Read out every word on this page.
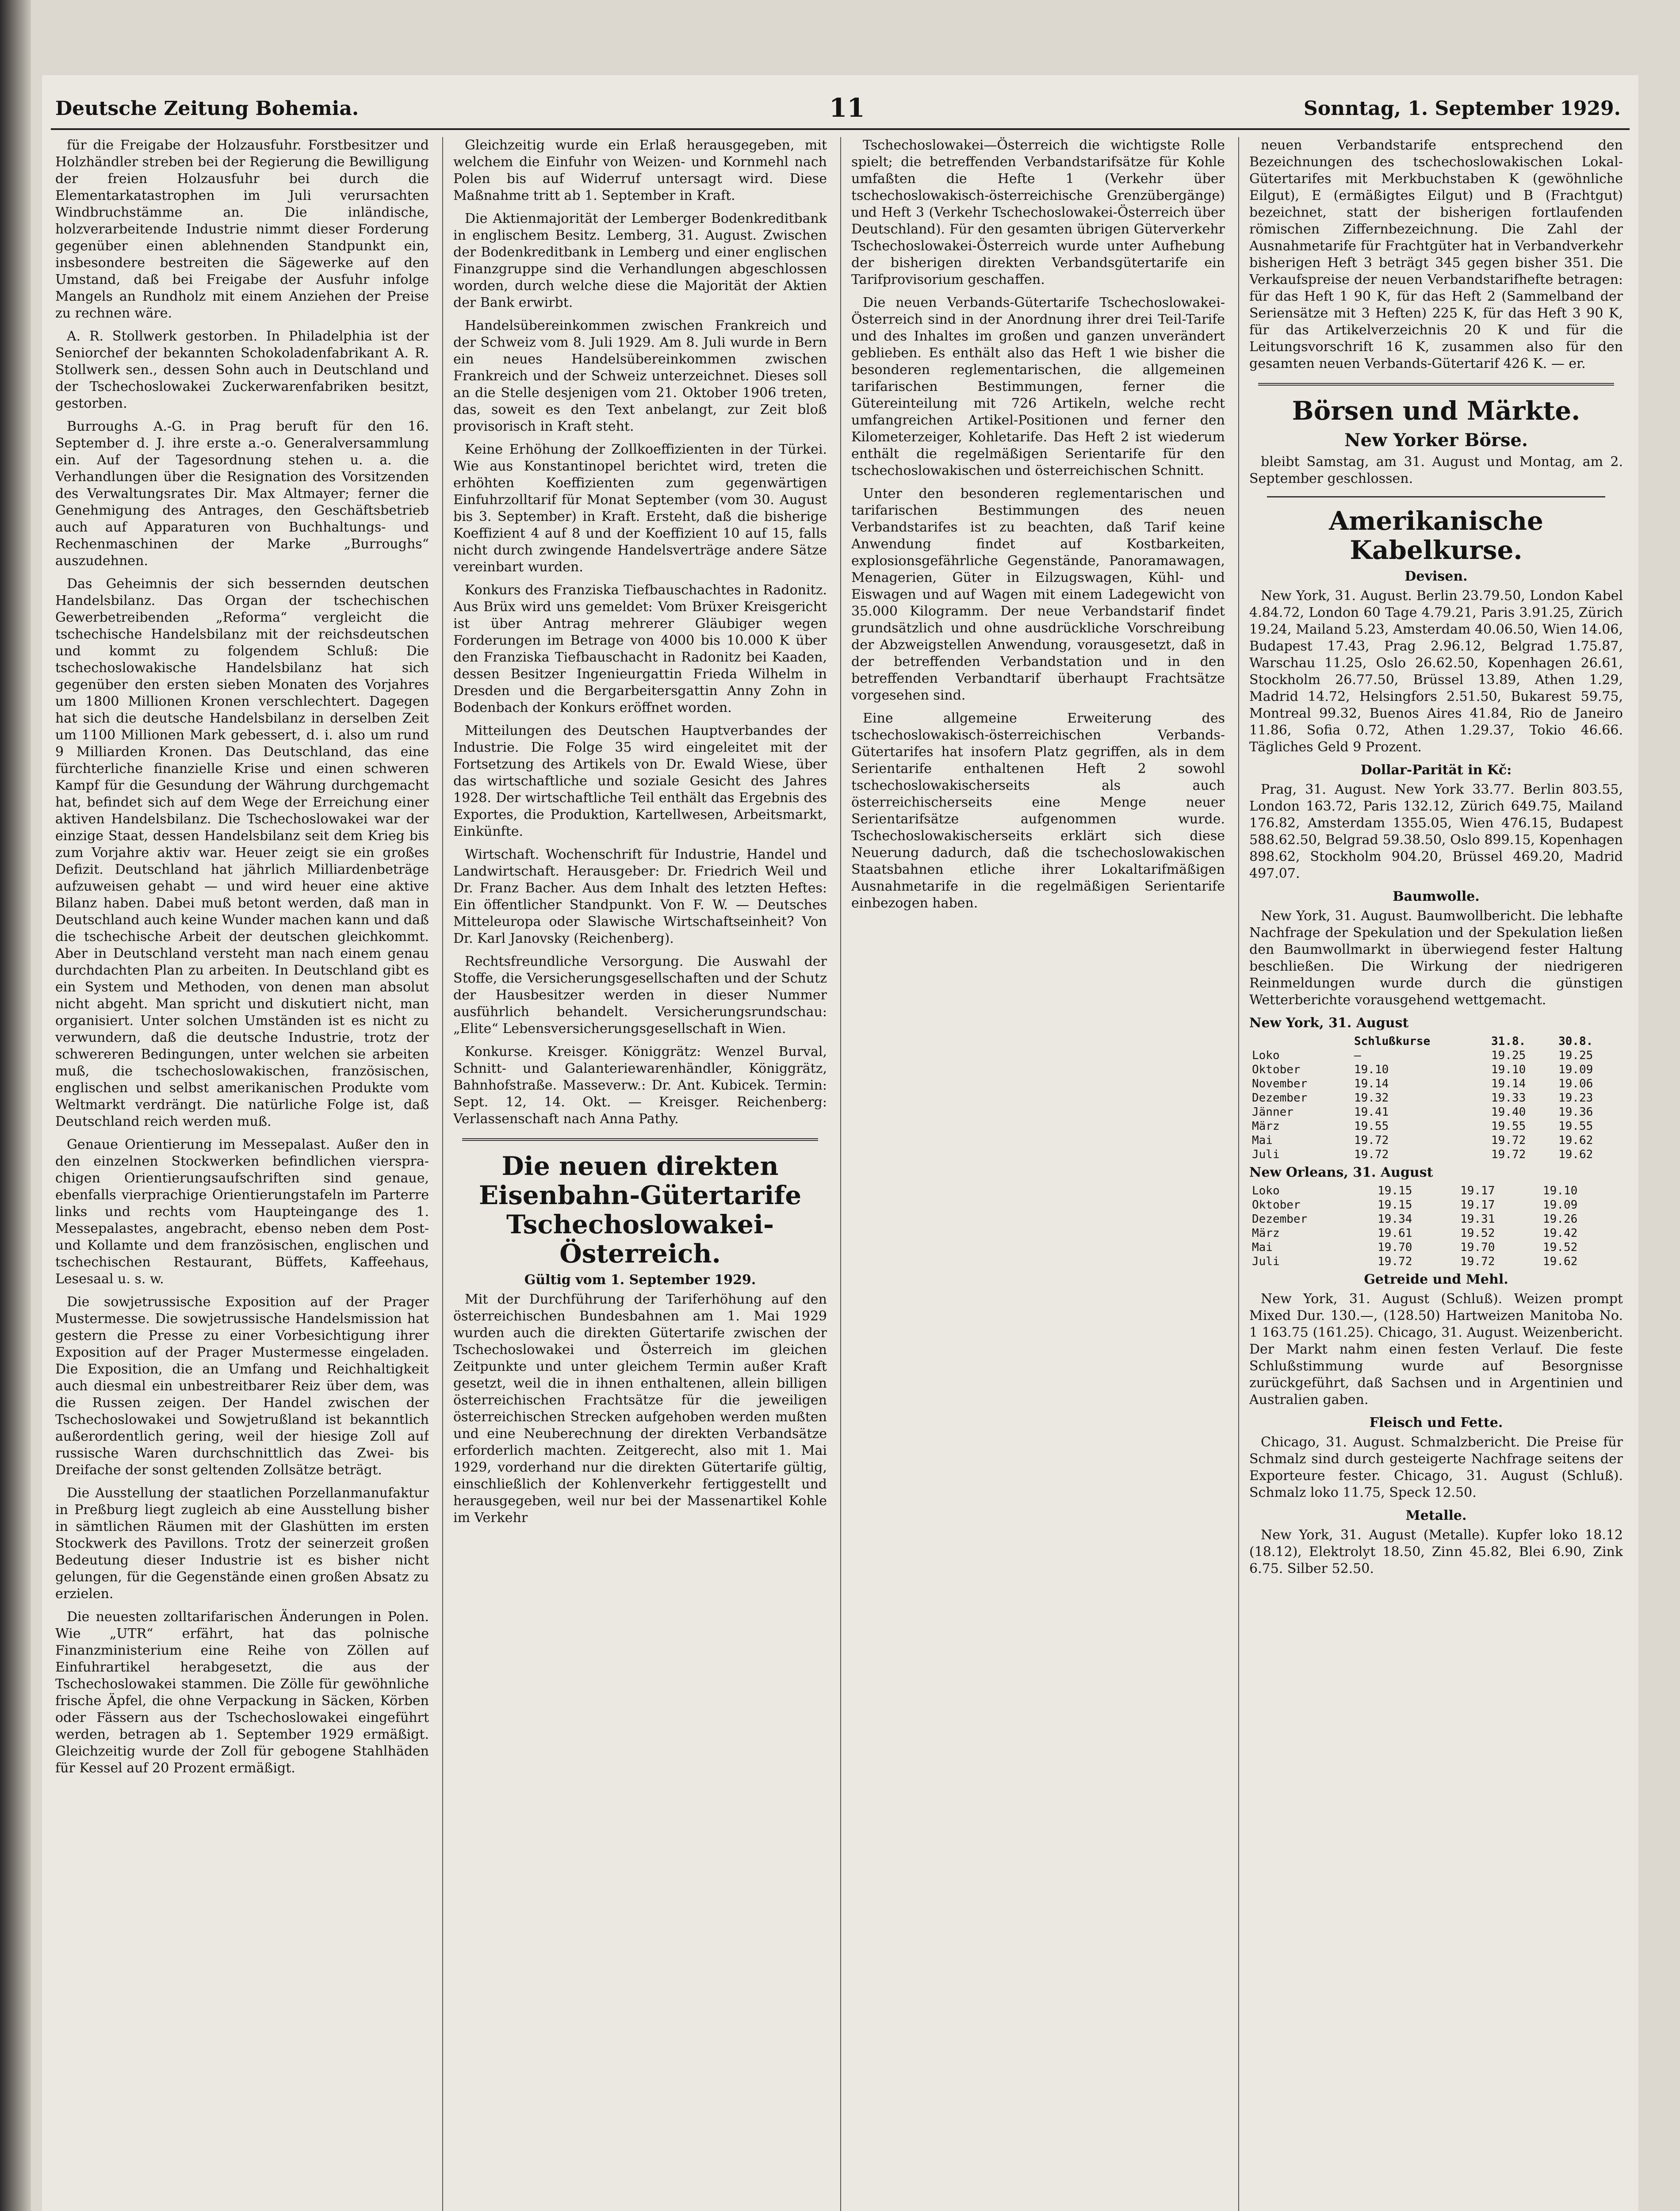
Deutsche Zeitung Bohemia.	11	Sonntag, 1. September 1929.

für die Freigabe der Holzausfuhr. Forstbesitzer und Holzhändler streben bei der Regierung die Bewilligung der freien Holzausfuhr bei durch die Elementarkatastrophen im Juli verursachten Windbruchstämme an. Die inländische, holzverarbeitende Industrie nimmt dieser Forderung gegenüber einen ablehnenden Standpunkt ein, insbesondere bestreiten die Sägewerke auf den Umstand, daß bei Freigabe der Ausfuhr infolge Mangels an Rundholz mit einem Anziehen der Preise zu rechnen wäre.

A. R. Stollwerk gestorben. In Philadelphia ist der Seniorchef der bekannten Schokoladenfabrikant A. R. Stollwerk sen., dessen Sohn auch in Deutschland und der Tschechoslowakei Zuckerwarenfabriken besitzt, gestorben.

Burroughs A.-G. in Prag beruft für den 16. September d. J. ihre erste a.-o. Generalversammlung ein. Auf der Tagesordnung stehen u. a. die Verhandlungen über die Resignation des Vorsitzenden des Verwaltungsrates Dir. Max Altmayer; ferner die Genehmigung des Antrages, den Geschäftsbetrieb auch auf Apparaturen von Buchhaltungs- und Rechenmaschinen der Marke „Burroughs“ auszudehnen.

Das Geheimnis der sich bessernden deutschen Handelsbilanz. Das Organ der tschechischen Gewerbetreibenden „Reforma“ vergleicht die tschechische Handelsbilanz mit der reichsdeutschen und kommt zu folgendem Schluß: Die tschechoslowakische Handelsbilanz hat sich gegenüber den ersten sieben Monaten des Vorjahres um 1800 Millionen Kronen verschlechtert. Dagegen hat sich die deutsche Handelsbilanz in derselben Zeit um 1100 Millionen Mark gebessert, d. i. also um rund 9 Milliarden Kronen. Das Deutschland, das eine fürchterliche finanzielle Krise und einen schweren Kampf für die Gesundung der Währung durchgemacht hat, befindet sich auf dem Wege der Erreichung einer aktiven Handelsbilanz. Die Tschechoslowakei war der einzige Staat, dessen Handelsbilanz seit dem Krieg bis zum Vorjahre aktiv war. Heuer zeigt sie ein großes Defizit. Deutschland hat jährlich Milliardenbeträge aufzuweisen gehabt — und wird heuer eine aktive Bilanz haben. Dabei muß betont werden, daß man in Deutschland auch keine Wunder machen kann und daß die tschechische Arbeit der deutschen gleichkommt. Aber in Deutschland versteht man nach einem genau durchdachten Plan zu arbeiten. In Deutschland gibt es ein System und Methoden, von denen man absolut nicht abgeht. Man spricht und diskutiert nicht, man organisiert. Unter solchen Umständen ist es nicht zu verwundern, daß die deutsche Industrie, trotz der schwereren Bedingungen, unter welchen sie arbeiten muß, die tschechoslowakischen, französischen, englischen und selbst amerikanischen Produkte vom Weltmarkt verdrängt. Die natürliche Folge ist, daß Deutschland reich werden muß.

Genaue Orientierung im Messepalast. Außer den in den einzelnen Stockwerken befindlichen viersprachigen Orientierungsaufschriften sind genaue, ebenfalls vierprachige Orientierungstafeln im Parterre links und rechts vom Haupteingange des 1. Messepalastes, angebracht, ebenso neben dem Post- und Kollamte und dem französischen, englischen und tschechischen Restaurant, Büffets, Kaffeehaus, Lesesaal u. s. w.

Die sowjetrussische Exposition auf der Prager Mustermesse. Die sowjetrussische Handelsmission hat gestern die Presse zu einer Vorbesichtigung ihrer Exposition auf der Prager Mustermesse eingeladen. Die Exposition, die an Umfang und Reichhaltigkeit auch diesmal ein unbestreitbarer Reiz über dem, was die Russen zeigen. Der Handel zwischen der Tschechoslowakei und Sowjetrußland ist bekanntlich außerordentlich gering, weil der hiesige Zoll auf russische Waren durchschnittlich das Zwei- bis Dreifache der sonst geltenden Zollsätze beträgt.

Die Ausstellung der staatlichen Porzellanmanufaktur in Preßburg liegt zugleich ab eine Ausstellung bisher in sämtlichen Räumen mit der Glashütten im ersten Stockwerk des Pavillons. Trotz der seinerzeit großen Bedeutung dieser Industrie ist es bisher nicht gelungen, für die Gegenstände einen großen Absatz zu erzielen.

Die neuesten zolltarifarischen Änderungen in Polen. Wie „UTR“ erfährt, hat das polnische Finanzministerium eine Reihe von Zöllen auf Einfuhrartikel herabgesetzt, die aus der Tschechoslowakei stammen. Die Zölle für gewöhnliche frische Äpfel, die ohne Verpackung in Säcken, Körben oder Fässern aus der Tschechoslowakei eingeführt werden, betragen ab 1. September 1929 ermäßigt. Gleichzeitig wurde der Zoll für gebogene Stahlhäden für Kessel auf 20 Prozent ermäßigt.

Gleichzeitig wurde ein Erlaß herausgegeben, mit welchem die Einfuhr von Weizen- und Kornmehl nach Polen bis auf Widerruf untersagt wird. Diese Maßnahme tritt ab 1. September in Kraft.

Die Aktienmajorität der Lemberger Bodenkreditbank in englischem Besitz. Lemberg, 31. August. Zwischen der Bodenkreditbank in Lemberg und einer englischen Finanzgruppe sind die Verhandlungen abgeschlossen worden, durch welche diese die Majorität der Aktien der Bank erwirbt.

Handelsübereinkommen zwischen Frankreich und der Schweiz vom 8. Juli 1929. Am 8. Juli wurde in Bern ein neues Handelsübereinkommen zwischen Frankreich und der Schweiz unterzeichnet. Dieses soll an die Stelle desjenigen vom 21. Oktober 1906 treten, das, soweit es den Text anbelangt, zur Zeit bloß provisorisch in Kraft steht.

Keine Erhöhung der Zollkoeffizienten in der Türkei. Wie aus Konstantinopel berichtet wird, treten die erhöhten Koeffizienten zum gegenwärtigen Einfuhrzolltarif für Monat September (vom 30. August bis 3. September) in Kraft. Ersteht, daß die bisherige Koeffizient 4 auf 8 und der Koeffizient 10 auf 15, falls nicht durch zwingende Handelsverträge andere Sätze vereinbart wurden.

Konkurs des Franziska Tiefbauschachtes in Radonitz. Aus Brüx wird uns gemeldet: Vom Brüxer Kreisgericht ist über Antrag mehrerer Gläubiger wegen Forderungen im Betrage von 4000 bis 10.000 K über den Franziska Tiefbauschacht in Radonitz bei Kaaden, dessen Besitzer Ingenieurgattin Frieda Wilhelm in Dresden und die Bergarbeitersgattin Anny Zohn in Bodenbach der Konkurs eröffnet worden.

Mitteilungen des Deutschen Hauptverbandes der Industrie. Die Folge 35 wird eingeleitet mit der Fortsetzung des Artikels von Dr. Ewald Wiese, über das wirtschaftliche und soziale Gesicht des Jahres 1928. Der wirtschaftliche Teil enthält das Ergebnis des Exportes, die Produktion, Kartellwesen, Arbeitsmarkt, Einkünfte.

Wirtschaft. Wochenschrift für Industrie, Handel und Landwirtschaft. Herausgeber: Dr. Friedrich Weil und Dr. Franz Bacher. Aus dem Inhalt des letzten Heftes: Ein öffentlicher Standpunkt. Von F. W. — Deutsches Mitteleuropa oder Slawische Wirtschaftseinheit? Von Dr. Karl Janovsky (Reichenberg).

Rechtsfreundliche Versorgung. Die Auswahl der Stoffe, die Versicherungsgesellschaften und der Schutz der Hausbesitzer werden in dieser Nummer ausführlich behandelt. Versicherungsrundschau: „Elite“ Lebensversicherungsgesellschaft in Wien.

Konkurse. Kreisger. Königgrätz: Wenzel Burval, Schnitt- und Galanteriewarenhändler, Königgrätz, Bahnhofstraße. Masseverw.: Dr. Ant. Kubicek. Termin: Sept. 12, 14. Okt. — Kreisger. Reichenberg: Verlassenschaft nach Anna Pathy.

Die neuen direkten Eisenbahn-Gütertarife Tschechoslowakei-Österreich.
Gültig vom 1. September 1929.

Mit der Durchführung der Tariferhöhung auf den österreichischen Bundesbahnen am 1. Mai 1929 wurden auch die direkten Gütertarife zwischen der Tschechoslowakei und Österreich im gleichen Zeitpunkte und unter gleichem Termin außer Kraft gesetzt, weil die in ihnen enthaltenen, allein billigen österreichischen Frachtsätze für die jeweiligen österreichischen Strecken aufgehoben werden mußten und eine Neuberechnung der direkten Verbandsätze erforderlich machten. Zeitgerecht, also mit 1. Mai 1929, vorderhand nur die direkten Gütertarife gültig, einschließlich der Kohlenverkehr fertiggestellt und herausgegeben, weil nur bei der Massenartikel Kohle im Verkehr

Tschechoslowakei—Österreich die wichtigste Rolle spielt; die betreffenden Verbandstarifsätze für Kohle umfaßten die Hefte 1 (Verkehr über tschechoslowakisch-österreichische Grenzübergänge) und Heft 3 (Verkehr Tschechoslowakei-Österreich über Deutschland). Für den gesamten übrigen Güterverkehr Tschechoslowakei-Österreich wurde unter Aufhebung der bisherigen direkten Verbandsgütertarife ein Tarifprovisorium geschaffen.

Die neuen Verbands-Gütertarife Tschechoslowakei-Österreich sind in der Anordnung ihrer drei Teil-Tarife und des Inhaltes im großen und ganzen unverändert geblieben. Es enthält also das Heft 1 wie bisher die besonderen reglementarischen, die allgemeinen tarifarischen Bestimmungen, ferner die Gütereinteilung mit 726 Artikeln, welche recht umfangreichen Artikel-Positionen und ferner den Kilometerzeiger, Kohletarife. Das Heft 2 ist wiederum enthält die regelmäßigen Serientarife für den tschechoslowakischen und österreichischen Schnitt.

Unter den besonderen reglementarischen und tarifarischen Bestimmungen des neuen Verbandstarifes ist zu beachten, daß Tarif keine Anwendung findet auf Kostbarkeiten, explosionsgefährliche Gegenstände, Panoramawagen, Menagerien, Güter in Eilzugswagen, Kühl- und Eiswagen und auf Wagen mit einem Ladegewicht von 35.000 Kilogramm. Der neue Verbandstarif findet grundsätzlich und ohne ausdrückliche Vorschreibung der Abzweigstellen Anwendung, vorausgesetzt, daß in der betreffenden Verbandstation und in den betreffenden Verbandtarif überhaupt Frachtsätze vorgesehen sind.

Eine allgemeine Erweiterung des tschechoslowakisch-österreichischen Verbands-Gütertarifes hat insofern Platz gegriffen, als in dem Serientarife enthaltenen Heft 2 sowohl tschechoslowakischerseits als auch österreichischerseits eine Menge neuer Serientarifsätze aufgenommen wurde. Tschechoslowakischerseits erklärt sich diese Neuerung dadurch, daß die tschechoslowakischen Staatsbahnen etliche ihrer Lokaltarifmäßigen Ausnahmetarife in die regelmäßigen Serientarife einbezogen haben.

neuen Verbandstarife entsprechend den Bezeichnungen des tschechoslowakischen Lokal-Gütertarifes mit Merkbuchstaben K (gewöhnliche Eilgut), E (ermäßigtes Eilgut) und B (Frachtgut) bezeichnet, statt der bisherigen fortlaufenden römischen Ziffernbezeichnung. Die Zahl der Ausnahmetarife für Frachtgüter hat in Verbandverkehr bisherigen Heft 3 beträgt 345 gegen bisher 351. Die Verkaufspreise der neuen Verbandstarifhefte betragen: für das Heft 1 90 K, für das Heft 2 (Sammelband der Seriensätze mit 3 Heften) 225 K, für das Heft 3 90 K, für das Artikelverzeichnis 20 K und für die Leitungsvorschrift 16 K, zusammen also für den gesamten neuen Verbands-Gütertarif 426 K. — er.

Börsen und Märkte.
New Yorker Börse.

bleibt Samstag, am 31. August und Montag, am 2. September geschlossen.

Amerikanische Kabelkurse.
Devisen.

New York, 31. August. Berlin 23.79.50, London Kabel 4.84.72, London 60 Tage 4.79.21, Paris 3.91.25, Zürich 19.24, Mailand 5.23, Amsterdam 40.06.50, Wien 14.06, Budapest 17.43, Prag 2.96.12, Belgrad 1.75.87, Warschau 11.25, Oslo 26.62.50, Kopenhagen 26.61, Stockholm 26.77.50, Brüssel 13.89, Athen 1.29, Madrid 14.72, Helsingfors 2.51.50, Bukarest 59.75, Montreal 99.32, Buenos Aires 41.84, Rio de Janeiro 11.86, Sofia 0.72, Athen 1.29.37, Tokio 46.66. Tägliches Geld 9 Prozent.

Dollar-Parität in Kč:

Prag, 31. August. New York 33.77. Berlin 803.55, London 163.72, Paris 132.12, Zürich 649.75, Mailand 176.82, Amsterdam 1355.05, Wien 476.15, Budapest 588.62.50, Belgrad 59.38.50, Oslo 899.15, Kopenhagen 898.62, Stockholm 904.20, Brüssel 469.20, Madrid 497.07.

Baumwolle.

New York, 31. August. Baumwollbericht. Die lebhafte Nachfrage der Spekulation und der Spekulation ließen den Baumwollmarkt in überwiegend fester Haltung beschließen. Die Wirkung der niedrigeren Reinmeldungen wurde durch die günstigen Wetterberichte vorausgehend wettgemacht.

New York, 31. August
	Schlußkurse	31.8.	30.8.
Loko	—	19.25	19.25
Oktober	19.10	19.10	19.09
November	19.14	19.14	19.06
Dezember	19.32	19.33	19.23
Jänner	19.41	19.40	19.36
März	19.55	19.55	19.55
Mai	19.72	19.72	19.62
Juli	19.72	19.72	19.62
New Orleans, 31. August
Loko	19.15	19.17	19.10
Oktober	19.15	19.17	19.09
Dezember	19.34	19.31	19.26
März	19.61	19.52	19.42
Mai	19.70	19.70	19.52
Juli	19.72	19.72	19.62
Getreide und Mehl.

New York, 31. August (Schluß). Weizen prompt Mixed Dur. 130.—, (128.50) Hartweizen Manitoba No. 1 163.75 (161.25). Chicago, 31. August. Weizenbericht. Der Markt nahm einen festen Verlauf. Die feste Schlußstimmung wurde auf Besorgnisse zurückgeführt, daß Sachsen und in Argentinien und Australien gaben.

Fleisch und Fette.

Chicago, 31. August. Schmalzbericht. Die Preise für Schmalz sind durch gesteigerte Nachfrage seitens der Exporteure fester. Chicago, 31. August (Schluß). Schmalz loko 11.75, Speck 12.50.

Metalle.

New York, 31. August (Metalle). Kupfer loko 18.12 (18.12), Elektrolyt 18.50, Zinn 45.82, Blei 6.90, Zink 6.75. Silber 52.50.
